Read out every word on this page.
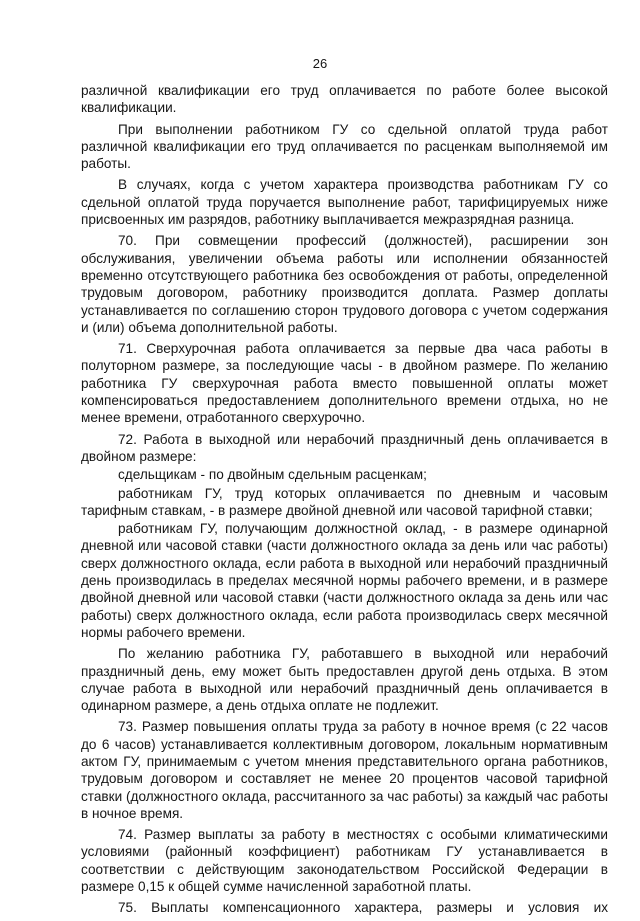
26

различной квалификации его труд оплачивается по работе более высокой квалификации.

При выполнении работником ГУ со сдельной оплатой труда работ различной квалификации его труд оплачивается по расценкам выполняемой им работы.

В случаях, когда с учетом характера производства работникам ГУ со сдельной оплатой труда поручается выполнение работ, тарифицируемых ниже присвоенных им разрядов, работнику выплачивается межразрядная разница.

70. При совмещении профессий (должностей), расширении зон обслуживания, увеличении объема работы или исполнении обязанностей временно отсутствующего работника без освобождения от работы, определенной трудовым договором, работнику производится доплата. Размер доплаты устанавливается по соглашению сторон трудового договора с учетом содержания и (или) объема дополнительной работы.

71. Сверхурочная работа оплачивается за первые два часа работы в полуторном размере, за последующие часы - в двойном размере. По желанию работника ГУ сверхурочная работа вместо повышенной оплаты может компенсироваться предоставлением дополнительного времени отдыха, но не менее времени, отработанного сверхурочно.

72. Работа в выходной или нерабочий праздничный день оплачивается в двойном размере:

сдельщикам - по двойным сдельным расценкам;

работникам ГУ, труд которых оплачивается по дневным и часовым тарифным ставкам, - в размере двойной дневной или часовой тарифной ставки;

работникам ГУ, получающим должностной оклад, - в размере одинарной дневной или часовой ставки (части должностного оклада за день или час работы) сверх должностного оклада, если работа в выходной или нерабочий праздничный день производилась в пределах месячной нормы рабочего времени, и в размере двойной дневной или часовой ставки (части должностного оклада за день или час работы) сверх должностного оклада, если работа производилась сверх месячной нормы рабочего времени.

По желанию работника ГУ, работавшего в выходной или нерабочий праздничный день, ему может быть предоставлен другой день отдыха. В этом случае работа в выходной или нерабочий праздничный день оплачивается в одинарном размере, а день отдыха оплате не подлежит.

73. Размер повышения оплаты труда за работу в ночное время (с 22 часов до 6 часов) устанавливается коллективным договором, локальным нормативным актом ГУ, принимаемым с учетом мнения представительного органа работников, трудовым договором и составляет не менее 20 процентов часовой тарифной ставки (должностного оклада, рассчитанного за час работы) за каждый час работы в ночное время.

74. Размер выплаты за работу в местностях с особыми климатическими условиями (районный коэффициент) работникам ГУ устанавливается в соответствии с действующим законодательством Российской Федерации в размере 0,15 к общей сумме начисленной заработной платы.

75. Выплаты компенсационного характера, размеры и условия их
